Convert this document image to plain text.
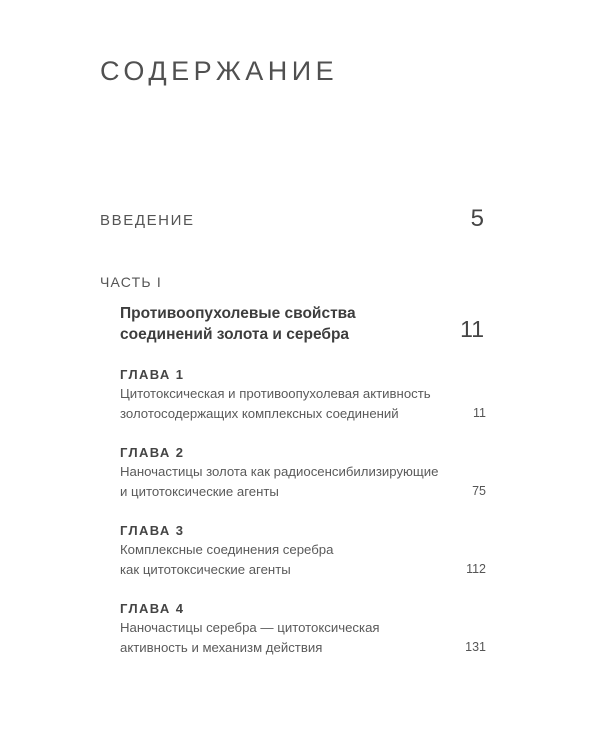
СОДЕРЖАНИЕ
ВВЕДЕНИЕ	5
ЧАСТЬ I
Противоопухолевые свойства
соединений золота и серебра	11
ГЛАВА 1
Цитотоксическая и противоопухолевая активность
золотосодержащих комплексных соединений	11
ГЛАВА 2
Наночастицы золота как радиосенсибилизирующие
и цитотоксические агенты	75
ГЛАВА 3
Комплексные соединения серебра
как цитотоксические агенты	112
ГЛАВА 4
Наночастицы серебра — цитотоксическая
активность и механизм действия	131
